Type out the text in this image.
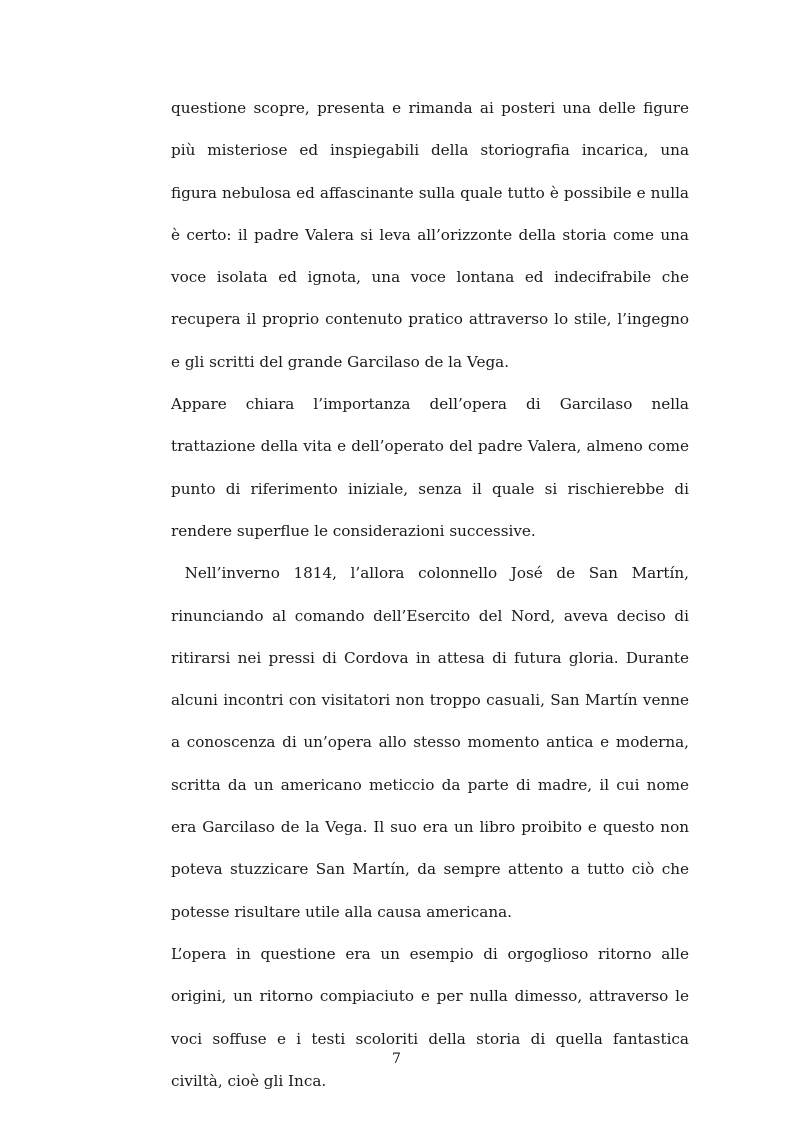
questione scopre, presenta e rimanda ai posteri una delle figure più misteriose ed inspiegabili della storiografia incarica, una figura nebulosa ed affascinante sulla quale tutto è possibile e nulla è certo: il padre Valera si leva all’orizzonte della storia come una voce isolata ed ignota, una voce lontana ed indecifrabile che recupera il proprio contenuto pratico attraverso lo stile, l’ingegno e gli scritti del grande Garcilaso de la Vega.

Appare chiara l’importanza dell’opera di Garcilaso nella trattazione della vita e dell’operato del padre Valera, almeno come punto di riferimento iniziale, senza il quale si rischierebbe di rendere superflue le considerazioni successive.

Nell’inverno 1814, l’allora colonnello José de San Martín, rinunciando al comando dell’Esercito del Nord, aveva deciso di ritirarsi nei pressi di Cordova in attesa di futura gloria. Durante alcuni incontri con visitatori non troppo casuali, San Martín venne a conoscenza di un’opera allo stesso momento antica e moderna, scritta da un americano meticcio da parte di madre, il cui nome era Garcilaso de la Vega. Il suo era un libro proibito e questo non poteva stuzzicare San Martín, da sempre attento a tutto ciò che potesse risultare utile alla causa americana.

L’opera in questione era un esempio di orgoglioso ritorno alle origini, un ritorno compiaciuto e per nulla dimesso, attraverso le voci soffuse e i testi scoloriti della storia di quella fantastica civiltà, cioè gli Inca.

7
